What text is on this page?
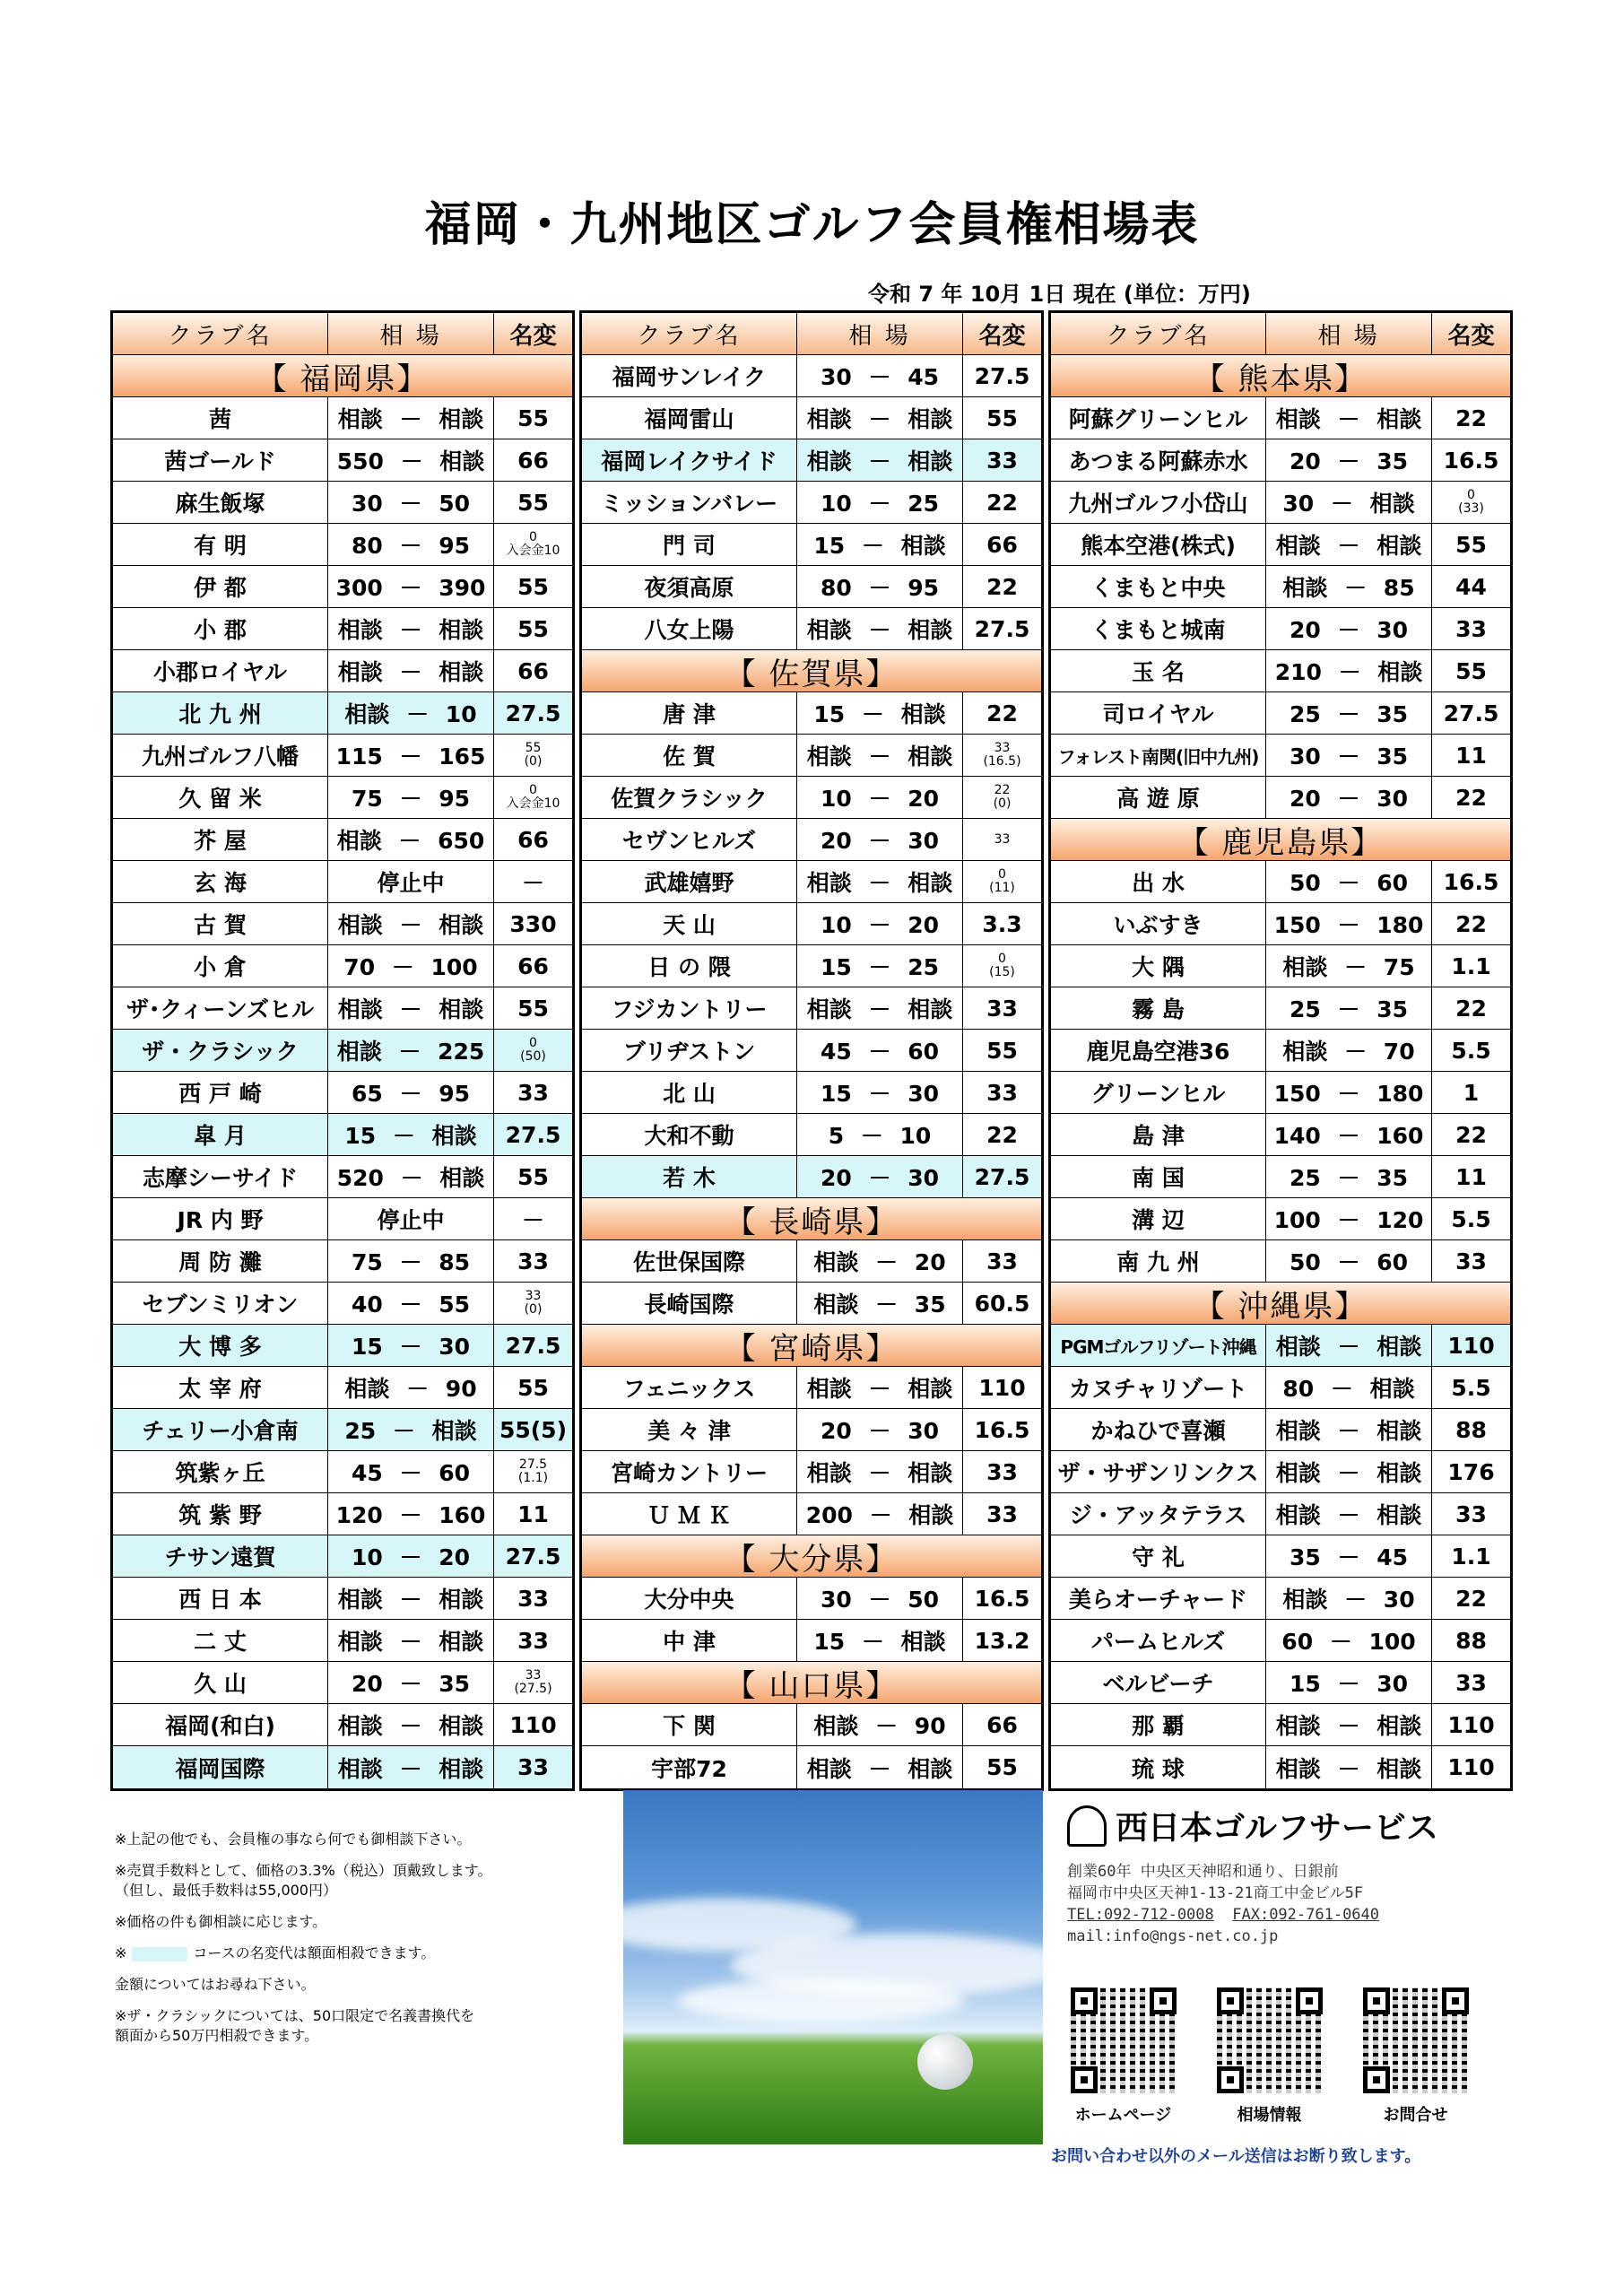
福岡・九州地区ゴルフ会員権相場表
令和 7 年 10月 1日 現在 (単位：万円)
クラブ名	相 場	名変
【 福岡県】
茜	相談 － 相談	55
茜ゴールド	550 － 相談	66
麻生飯塚	30 － 50	55
有 明	80 － 95	0
入会金10
伊 都	300 － 390	55
小 郡	相談 － 相談	55
小郡ロイヤル	相談 － 相談	66
北 九 州	相談 － 10	27.5
九州ゴルフ八幡	115 － 165	55
(0)
久 留 米	75 － 95	0
入会金10
芥 屋	相談 － 650	66
玄 海	停止中	－
古 賀	相談 － 相談	330
小 倉	70 － 100	66
ザ･クィーンズヒル	相談 － 相談	55
ザ・クラシック	相談 － 225	0
(50)
西 戸 崎	65 － 95	33
皐 月	15 － 相談	27.5
志摩シーサイド	520 － 相談	55
JR 内 野	停止中	－
周 防 灘	75 － 85	33
セブンミリオン	40 － 55	33
(0)
大 博 多	15 － 30	27.5
太 宰 府	相談 － 90	55
チェリー小倉南	25 － 相談	55(5)
筑紫ヶ丘	45 － 60	27.5
(1.1)
筑 紫 野	120 － 160	11
チサン遠賀	10 － 20	27.5
西 日 本	相談 － 相談	33
二 丈	相談 － 相談	33
久 山	20 － 35	33
(27.5)
福岡(和白)	相談 － 相談	110
福岡国際	相談 － 相談	33
クラブ名	相 場	名変
福岡サンレイク	30 － 45	27.5
福岡雷山	相談 － 相談	55
福岡レイクサイド	相談 － 相談	33
ミッションバレー	10 － 25	22
門 司	15 － 相談	66
夜須高原	80 － 95	22
八女上陽	相談 － 相談 27.5
【 佐賀県】
唐 津	15 － 相談	22
佐 賀	相談 － 相談	33
(16.5)
佐賀クラシック	10 － 20	22
(0)
セヴンヒルズ	20 － 30	33
武雄嬉野	相談 － 相談	0
(11)
天 山	10 － 20	3.3
日 の 隈	15 － 25	0
(15)
フジカントリー	相談 － 相談	33
ブリヂストン	45 － 60	55
北 山	15 － 30	33
大和不動	5 － 10	22
若 木	20 － 30	27.5
【 長崎県】
佐世保国際	相談 － 20	33
長崎国際	相談 － 35	60.5
【 宮崎県】
フェニックス	相談 － 相談	110
美 々 津	20 － 30	16.5
宮崎カントリー	相談 － 相談	33
Ｕ Ｍ Ｋ	200 － 相談	33
【 大分県】
大分中央	30 － 50	16.5
中 津	15 － 相談	13.2
【 山口県】
下 関	相談 － 90	66
宇部72	相談 － 相談	55
クラブ名	相 場	名変
【 熊本県】
阿蘇グリーンヒル	相談 － 相談	22
あつまる阿蘇赤水	20 － 35	16.5
九州ゴルフ小岱山	30 － 相談	0
(33)
熊本空港(株式)	相談 － 相談	55
くまもと中央	相談 － 85	44
くまもと城南	20 － 30	33
玉 名	210 － 相談	55
司ロイヤル	25 － 35	27.5
フォレスト南関(旧中九州)	30 － 35	11
高 遊 原	20 － 30	22
【 鹿児島県】
出 水	50 － 60	16.5
いぶすき	150 － 180	22
大 隅	相談 － 75	1.1
霧 島	25 － 35	22
鹿児島空港36	相談 － 70	5.5
グリーンヒル	150 － 180	1
島 津	140 － 160	22
南 国	25 － 35	11
溝 辺	100 － 120	5.5
南 九 州	50 － 60	33
【 沖縄県】
PGMゴルフリゾート沖縄 相談 － 相談	110
カヌチャリゾート	80 － 相談	5.5
かねひで喜瀬	相談 － 相談	88
ザ・サザンリンクス 相談 － 相談	176
ジ・アッタテラス	相談 － 相談	33
守 礼	35 － 45	1.1
美らオーチャード	相談 － 30	22
パームヒルズ	60 － 100	88
ベルビーチ	15 － 30	33
那 覇	相談 － 相談	110
琉 球	相談 － 相談	110
※上記の他でも、会員権の事なら何でも御相談下さい。
※売買手数料として、価格の3.3%（税込）頂戴致します。
（但し、最低手数料は55,000円）
※価格の件も御相談に応じます。
※	コースの名変代は額面相殺できます。
金額についてはお尋ね下さい。
※ザ・クラシックについては、50口限定で名義書換代を
額面から50万円相殺できます。
西日本ゴルフサービス
創業60年 中央区天神昭和通り、日銀前
福岡市中央区天神1-13-21商工中金ビル5F
TEL:092-712-0008 FAX:092-761-0640
mail:info@ngs-net.co.jp
ホームページ	相場情報	お問合せ
お問い合わせ以外のメール送信はお断り致します。
